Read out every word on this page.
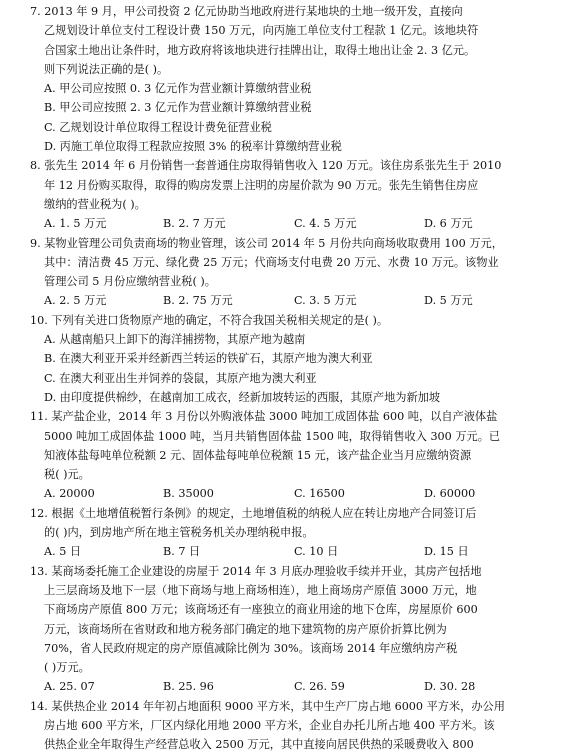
7. 2013 年 9 月，甲公司投资 2 亿元协助当地政府进行某地块的土地一级开发，直接向
乙规划设计单位支付工程设计费 150 万元，向丙施工单位支付工程款 1 亿元。该地块符
合国家土地出让条件时，地方政府将该地块进行挂牌出让，取得土地出让金 2. 3 亿元。
则下列说法正确的是( )。
A. 甲公司应按照 0. 3 亿元作为营业额计算缴纳营业税
B. 甲公司应按照 2. 3 亿元作为营业额计算缴纳营业税
C. 乙规划设计单位取得工程设计费免征营业税
D. 丙施工单位取得工程款应按照 3% 的税率计算缴纳营业税
8. 张先生 2014 年 6 月份销售一套普通住房取得销售收入 120 万元。该住房系张先生于 2010
年 12 月份购买取得，取得的购房发票上注明的房屋价款为 90 万元。张先生销售住房应
缴纳的营业税为( )。
A. 1. 5 万元	B. 2. 7 万元	C. 4. 5 万元	D. 6 万元
9. 某物业管理公司负责商场的物业管理，该公司 2014 年 5 月份共向商场收取费用 100 万元，
其中：清洁费 45 万元、绿化费 25 万元；代商场支付电费 20 万元、水费 10 万元。该物业
管理公司 5 月份应缴纳营业税( )。
A. 2. 5 万元	B. 2. 75 万元	C. 3. 5 万元	D. 5 万元
10. 下列有关进口货物原产地的确定，不符合我国关税相关规定的是( )。
A. 从越南船只上卸下的海洋捕捞物，其原产地为越南
B. 在澳大利亚开采并经新西兰转运的铁矿石，其原产地为澳大利亚
C. 在澳大利亚出生并饲养的袋鼠，其原产地为澳大利亚
D. 由印度提供棉纱，在越南加工成衣，经新加坡转运的西服，其原产地为新加坡
11. 某产盐企业，2014 年 3 月份以外购液体盐 3000 吨加工成固体盐 600 吨，以自产液体盐
5000 吨加工成固体盐 1000 吨，当月共销售固体盐 1500 吨，取得销售收入 300 万元。已
知液体盐每吨单位税额 2 元、固体盐每吨单位税额 15 元，该产盐企业当月应缴纳资源
税( )元。
A. 20000	B. 35000	C. 16500	D. 60000
12. 根据《土地增值税暂行条例》的规定，土地增值税的纳税人应在转让房地产合同签订后
的( )内，到房地产所在地主管税务机关办理纳税申报。
A. 5 日	B. 7 日	C. 10 日	D. 15 日
13. 某商场委托施工企业建设的房屋于 2014 年 3 月底办理验收手续并开业，其房产包括地
上三层商场及地下一层（地下商场与地上商场相连），地上商场房产原值 3000 万元，地
下商场房产原值 800 万元；该商场还有一座独立的商业用途的地下仓库，房屋原价 600
万元，该商场所在省财政和地方税务部门确定的地下建筑物的房产原价折算比例为
70%，省人民政府规定的房产原值减除比例为 30%。该商场 2014 年应缴纳房产税
( )万元。
A. 25. 07	B. 25. 96	C. 26. 59	D. 30. 28
14. 某供热企业 2014 年年初占地面积 9000 平方米，其中生产厂房占地 6000 平方米，办公用
房占地 600 平方米，厂区内绿化用地 2000 平方米，企业自办托儿所占地 400 平方米。该
供热企业全年取得生产经营总收入 2500 万元，其中直接向居民供热的采暖费收入 800
